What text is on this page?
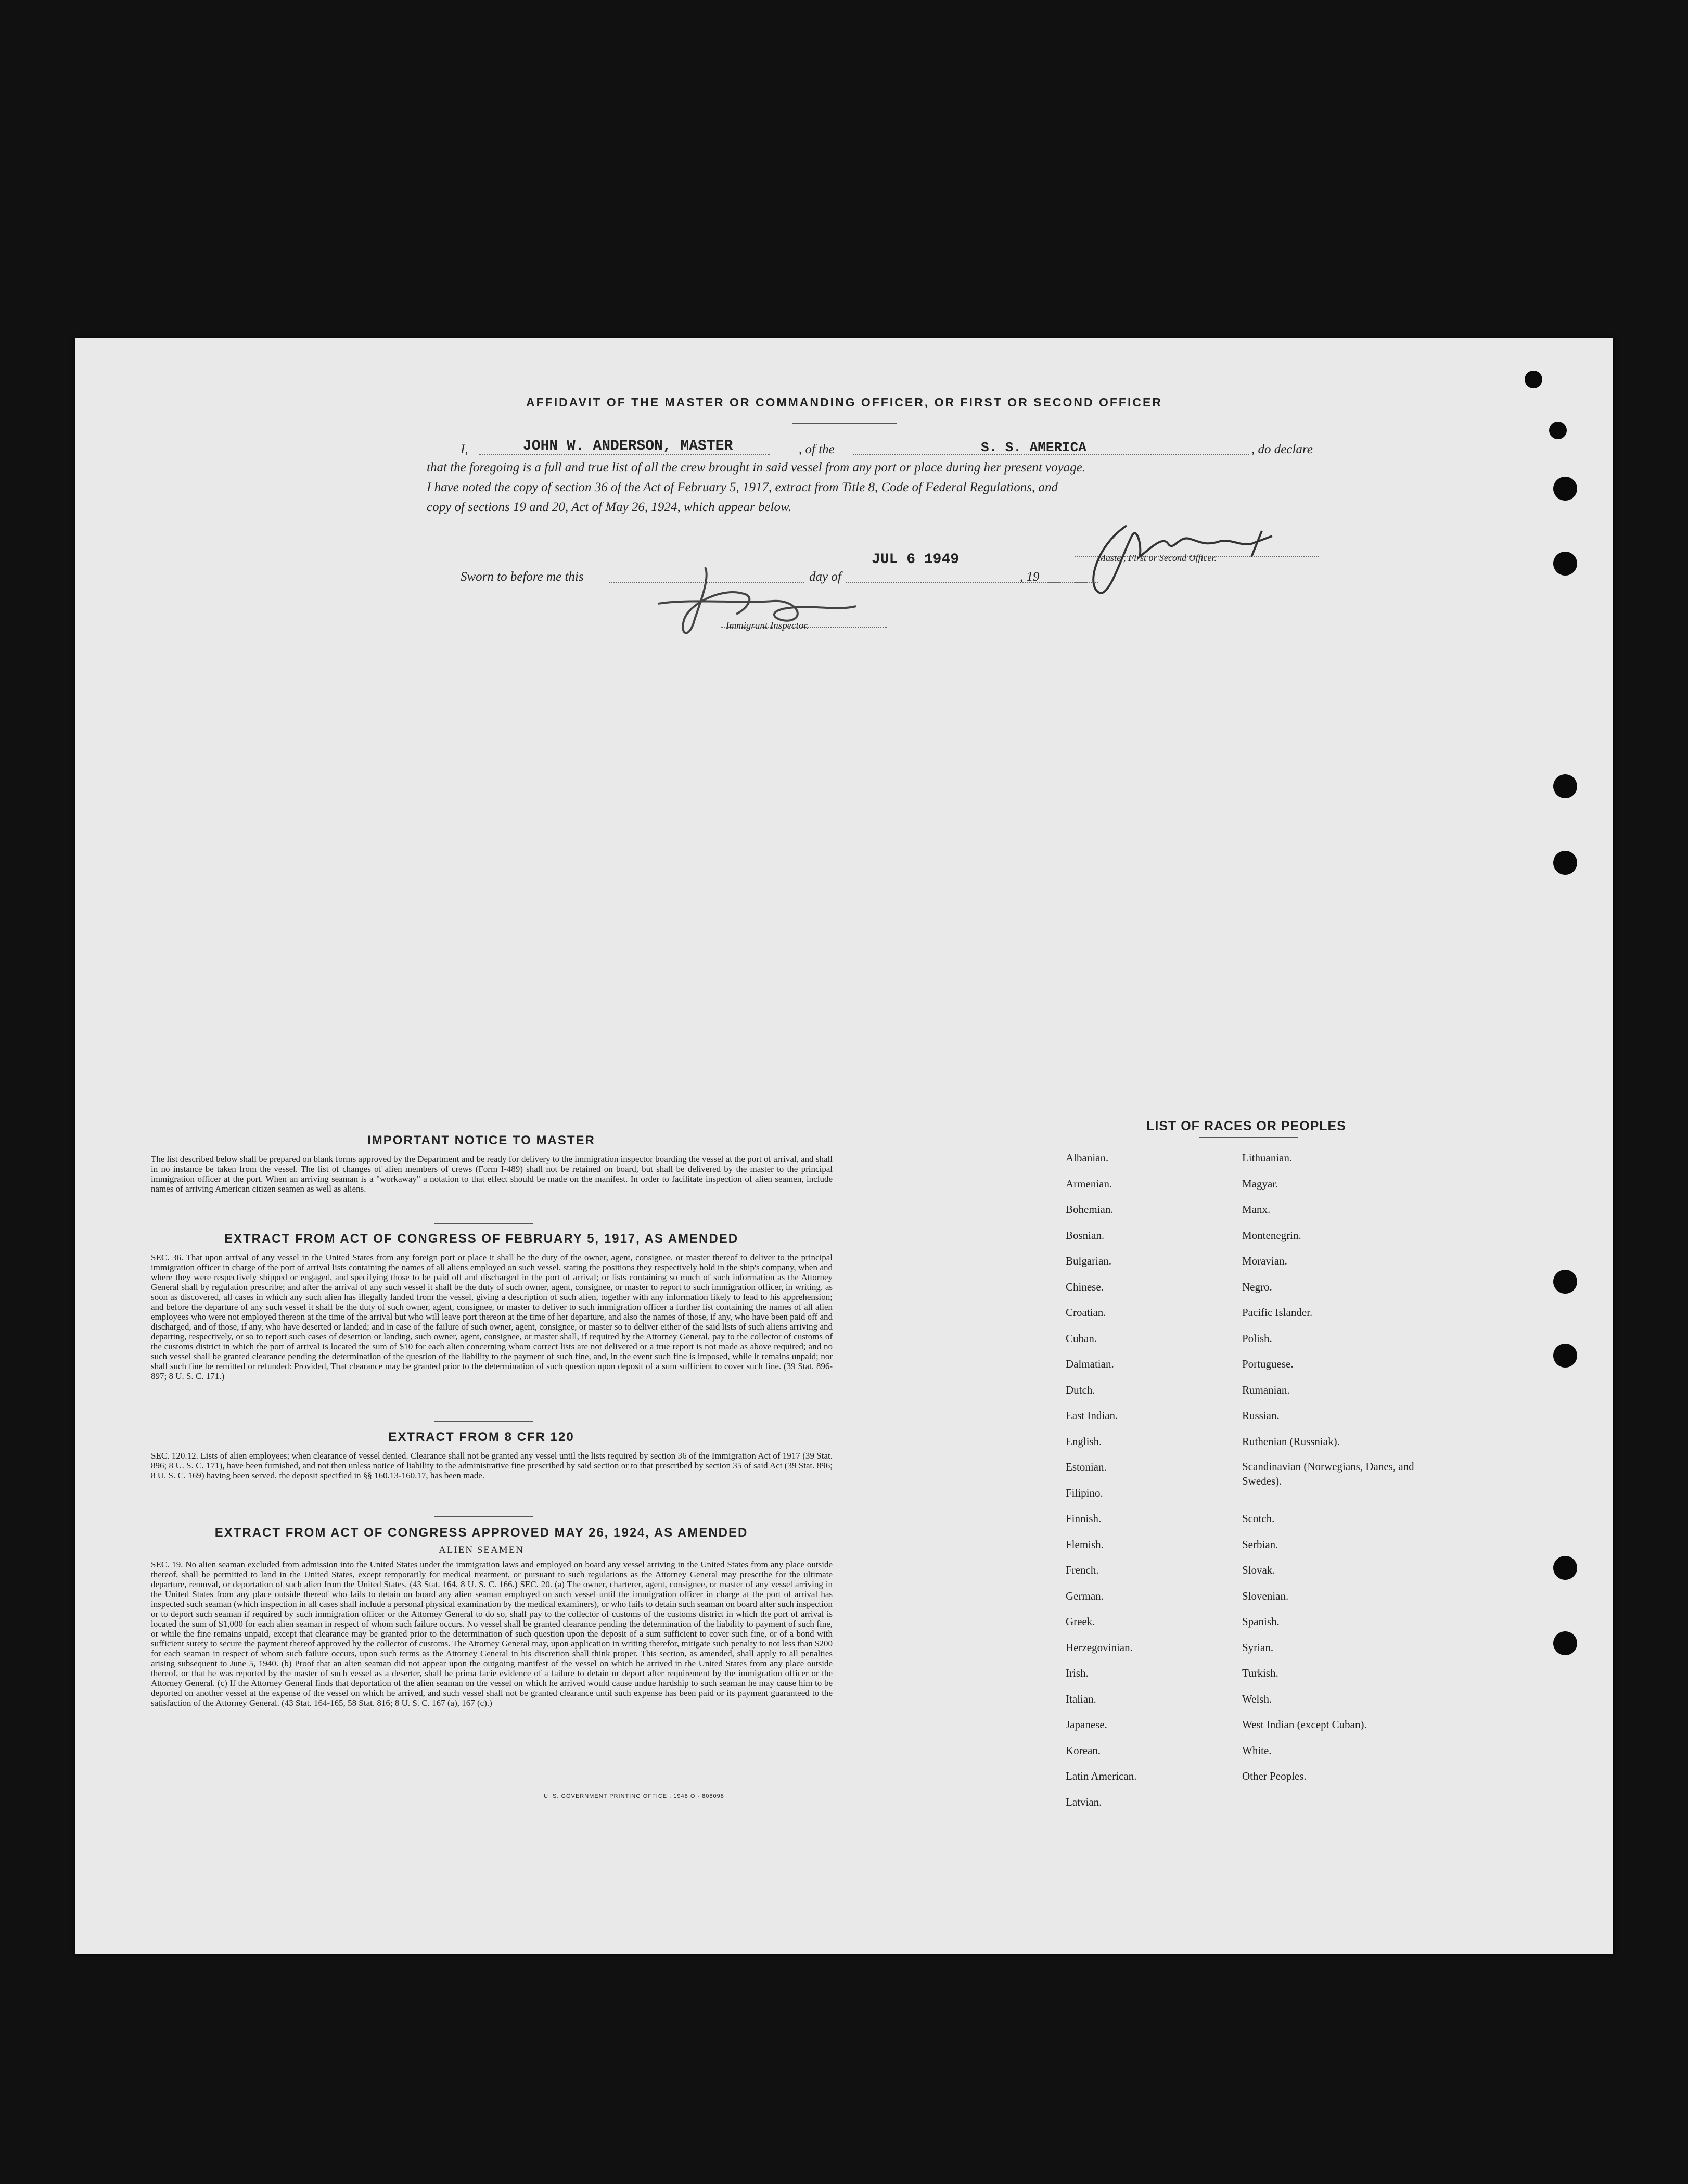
AFFIDAVIT OF THE MASTER OR COMMANDING OFFICER, OR FIRST OR SECOND OFFICER
I,	JOHN W. ANDERSON, MASTER	, of the	S. S. AMERICA	, do declare
that the foregoing is a full and true list of all the crew brought in said vessel from any port or place during her present voyage.
I have noted the copy of section 36 of the Act of February 5, 1917, extract from Title 8, Code of Federal Regulations, and
copy of sections 19 and 20, Act of May 26, 1924, which appear below.
Sworn to before me this	day of
JUL 6 1949
, 19
Master, First or Second Officer.
Immigrant Inspector.
IMPORTANT NOTICE TO MASTER
The list described below shall be prepared on blank forms approved by the Department and be ready for delivery to the immigration inspector boarding the vessel at the port of arrival, and shall in no instance be taken from the vessel. The list of changes of alien members of crews (Form I-489) shall not be retained on board, but shall be delivered by the master to the principal immigration officer at the port. When an arriving seaman is a "workaway" a notation to that effect should be made on the manifest. In order to facilitate inspection of alien seamen, include names of arriving American citizen seamen as well as aliens.
EXTRACT FROM ACT OF CONGRESS OF FEBRUARY 5, 1917, AS AMENDED
SEC. 36. That upon arrival of any vessel in the United States from any foreign port or place it shall be the duty of the owner, agent, consignee, or master thereof to deliver to the principal immigration officer in charge of the port of arrival lists containing the names of all aliens employed on such vessel, stating the positions they respectively hold in the ship's company, when and where they were respectively shipped or engaged, and specifying those to be paid off and discharged in the port of arrival; or lists containing so much of such information as the Attorney General shall by regulation prescribe; and after the arrival of any such vessel it shall be the duty of such owner, agent, consignee, or master to report to such immigration officer, in writing, as soon as discovered, all cases in which any such alien has illegally landed from the vessel, giving a description of such alien, together with any information likely to lead to his apprehension; and before the departure of any such vessel it shall be the duty of such owner, agent, consignee, or master to deliver to such immigration officer a further list containing the names of all alien employees who were not employed thereon at the time of the arrival but who will leave port thereon at the time of her departure, and also the names of those, if any, who have been paid off and discharged, and of those, if any, who have deserted or landed; and in case of the failure of such owner, agent, consignee, or master so to deliver either of the said lists of such aliens arriving and departing, respectively, or so to report such cases of desertion or landing, such owner, agent, consignee, or master shall, if required by the Attorney General, pay to the collector of customs of the customs district in which the port of arrival is located the sum of $10 for each alien concerning whom correct lists are not delivered or a true report is not made as above required; and no such vessel shall be granted clearance pending the determination of the question of the liability to the payment of such fine, and, in the event such fine is imposed, while it remains unpaid; nor shall such fine be remitted or refunded: Provided, That clearance may be granted prior to the determination of such question upon deposit of a sum sufficient to cover such fine. (39 Stat. 896-897; 8 U. S. C. 171.)
EXTRACT FROM 8 CFR 120
SEC. 120.12. Lists of alien employees; when clearance of vessel denied. Clearance shall not be granted any vessel until the lists required by section 36 of the Immigration Act of 1917 (39 Stat. 896; 8 U. S. C. 171), have been furnished, and not then unless notice of liability to the administrative fine prescribed by said section or to that prescribed by section 35 of said Act (39 Stat. 896; 8 U. S. C. 169) having been served, the deposit specified in §§ 160.13-160.17, has been made.
EXTRACT FROM ACT OF CONGRESS APPROVED MAY 26, 1924, AS AMENDED
ALIEN SEAMEN
SEC. 19. No alien seaman excluded from admission into the United States under the immigration laws and employed on board any vessel arriving in the United States from any place outside thereof, shall be permitted to land in the United States, except temporarily for medical treatment, or pursuant to such regulations as the Attorney General may prescribe for the ultimate departure, removal, or deportation of such alien from the United States. (43 Stat. 164, 8 U. S. C. 166.) SEC. 20. (a) The owner, charterer, agent, consignee, or master of any vessel arriving in the United States from any place outside thereof who fails to detain on board any alien seaman employed on such vessel until the immigration officer in charge at the port of arrival has inspected such seaman (which inspection in all cases shall include a personal physical examination by the medical examiners), or who fails to detain such seaman on board after such inspection or to deport such seaman if required by such immigration officer or the Attorney General to do so, shall pay to the collector of customs of the customs district in which the port of arrival is located the sum of $1,000 for each alien seaman in respect of whom such failure occurs. No vessel shall be granted clearance pending the determination of the liability to payment of such fine, or while the fine remains unpaid, except that clearance may be granted prior to the determination of such question upon the deposit of a sum sufficient to cover such fine, or of a bond with sufficient surety to secure the payment thereof approved by the collector of customs. The Attorney General may, upon application in writing therefor, mitigate such penalty to not less than $200 for each seaman in respect of whom such failure occurs, upon such terms as the Attorney General in his discretion shall think proper. This section, as amended, shall apply to all penalties arising subsequent to June 5, 1940. (b) Proof that an alien seaman did not appear upon the outgoing manifest of the vessel on which he arrived in the United States from any place outside thereof, or that he was reported by the master of such vessel as a deserter, shall be prima facie evidence of a failure to detain or deport after requirement by the immigration officer or the Attorney General. (c) If the Attorney General finds that deportation of the alien seaman on the vessel on which he arrived would cause undue hardship to such seaman he may cause him to be deported on another vessel at the expense of the vessel on which he arrived, and such vessel shall not be granted clearance until such expense has been paid or its payment guaranteed to the satisfaction of the Attorney General. (43 Stat. 164-165, 58 Stat. 816; 8 U. S. C. 167 (a), 167 (c).)
U. S. GOVERNMENT PRINTING OFFICE : 1948 O - 808098
LIST OF RACES OR PEOPLES
Albanian.
Armenian.
Bohemian.
Bosnian.
Bulgarian.
Chinese.
Croatian.
Cuban.
Dalmatian.
Dutch.
East Indian.
English.
Estonian.
Filipino.
Finnish.
Flemish.
French.
German.
Greek.
Herzegovinian.
Irish.
Italian.
Japanese.
Korean.
Latin American.
Latvian.
Lithuanian.
Magyar.
Manx.
Montenegrin.
Moravian.
Negro.
Pacific Islander.
Polish.
Portuguese.
Rumanian.
Russian.
Ruthenian (Russniak).
Scandinavian (Norwegians, Danes, and Swedes).
Scotch.
Serbian.
Slovak.
Slovenian.
Spanish.
Syrian.
Turkish.
Welsh.
West Indian (except Cuban).
White.
Other Peoples.
